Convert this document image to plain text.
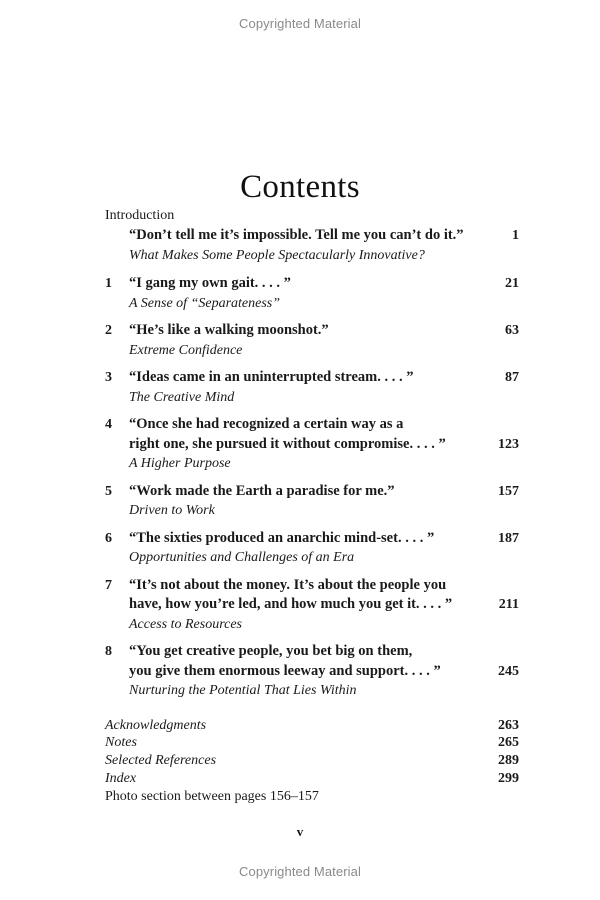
Copyrighted Material
Contents
Introduction
“Don’t tell me it’s impossible. Tell me you can’t do it.”	1
What Makes Some People Spectacularly Innovative?
1	“I gang my own gait. . . . ”	21
A Sense of “Separateness”
2	“He’s like a walking moonshot.”	63
Extreme Confidence
3	“Ideas came in an uninterrupted stream. . . . ”	87
The Creative Mind
4	“Once she had recognized a certain way as a
right one, she pursued it without compromise. . . . ”	123
A Higher Purpose
5	“Work made the Earth a paradise for me.”	157
Driven to Work
6	“The sixties produced an anarchic mind-set. . . . ”	187
Opportunities and Challenges of an Era
7	“It’s not about the money. It’s about the people you
have, how you’re led, and how much you get it. . . . ”	211
Access to Resources
8	“You get creative people, you bet big on them,
you give them enormous leeway and support. . . . ”	245
Nurturing the Potential That Lies Within
Acknowledgments	263
Notes	265
Selected References	289
Index	299
Photo section between pages 156–157
v
Copyrighted Material
